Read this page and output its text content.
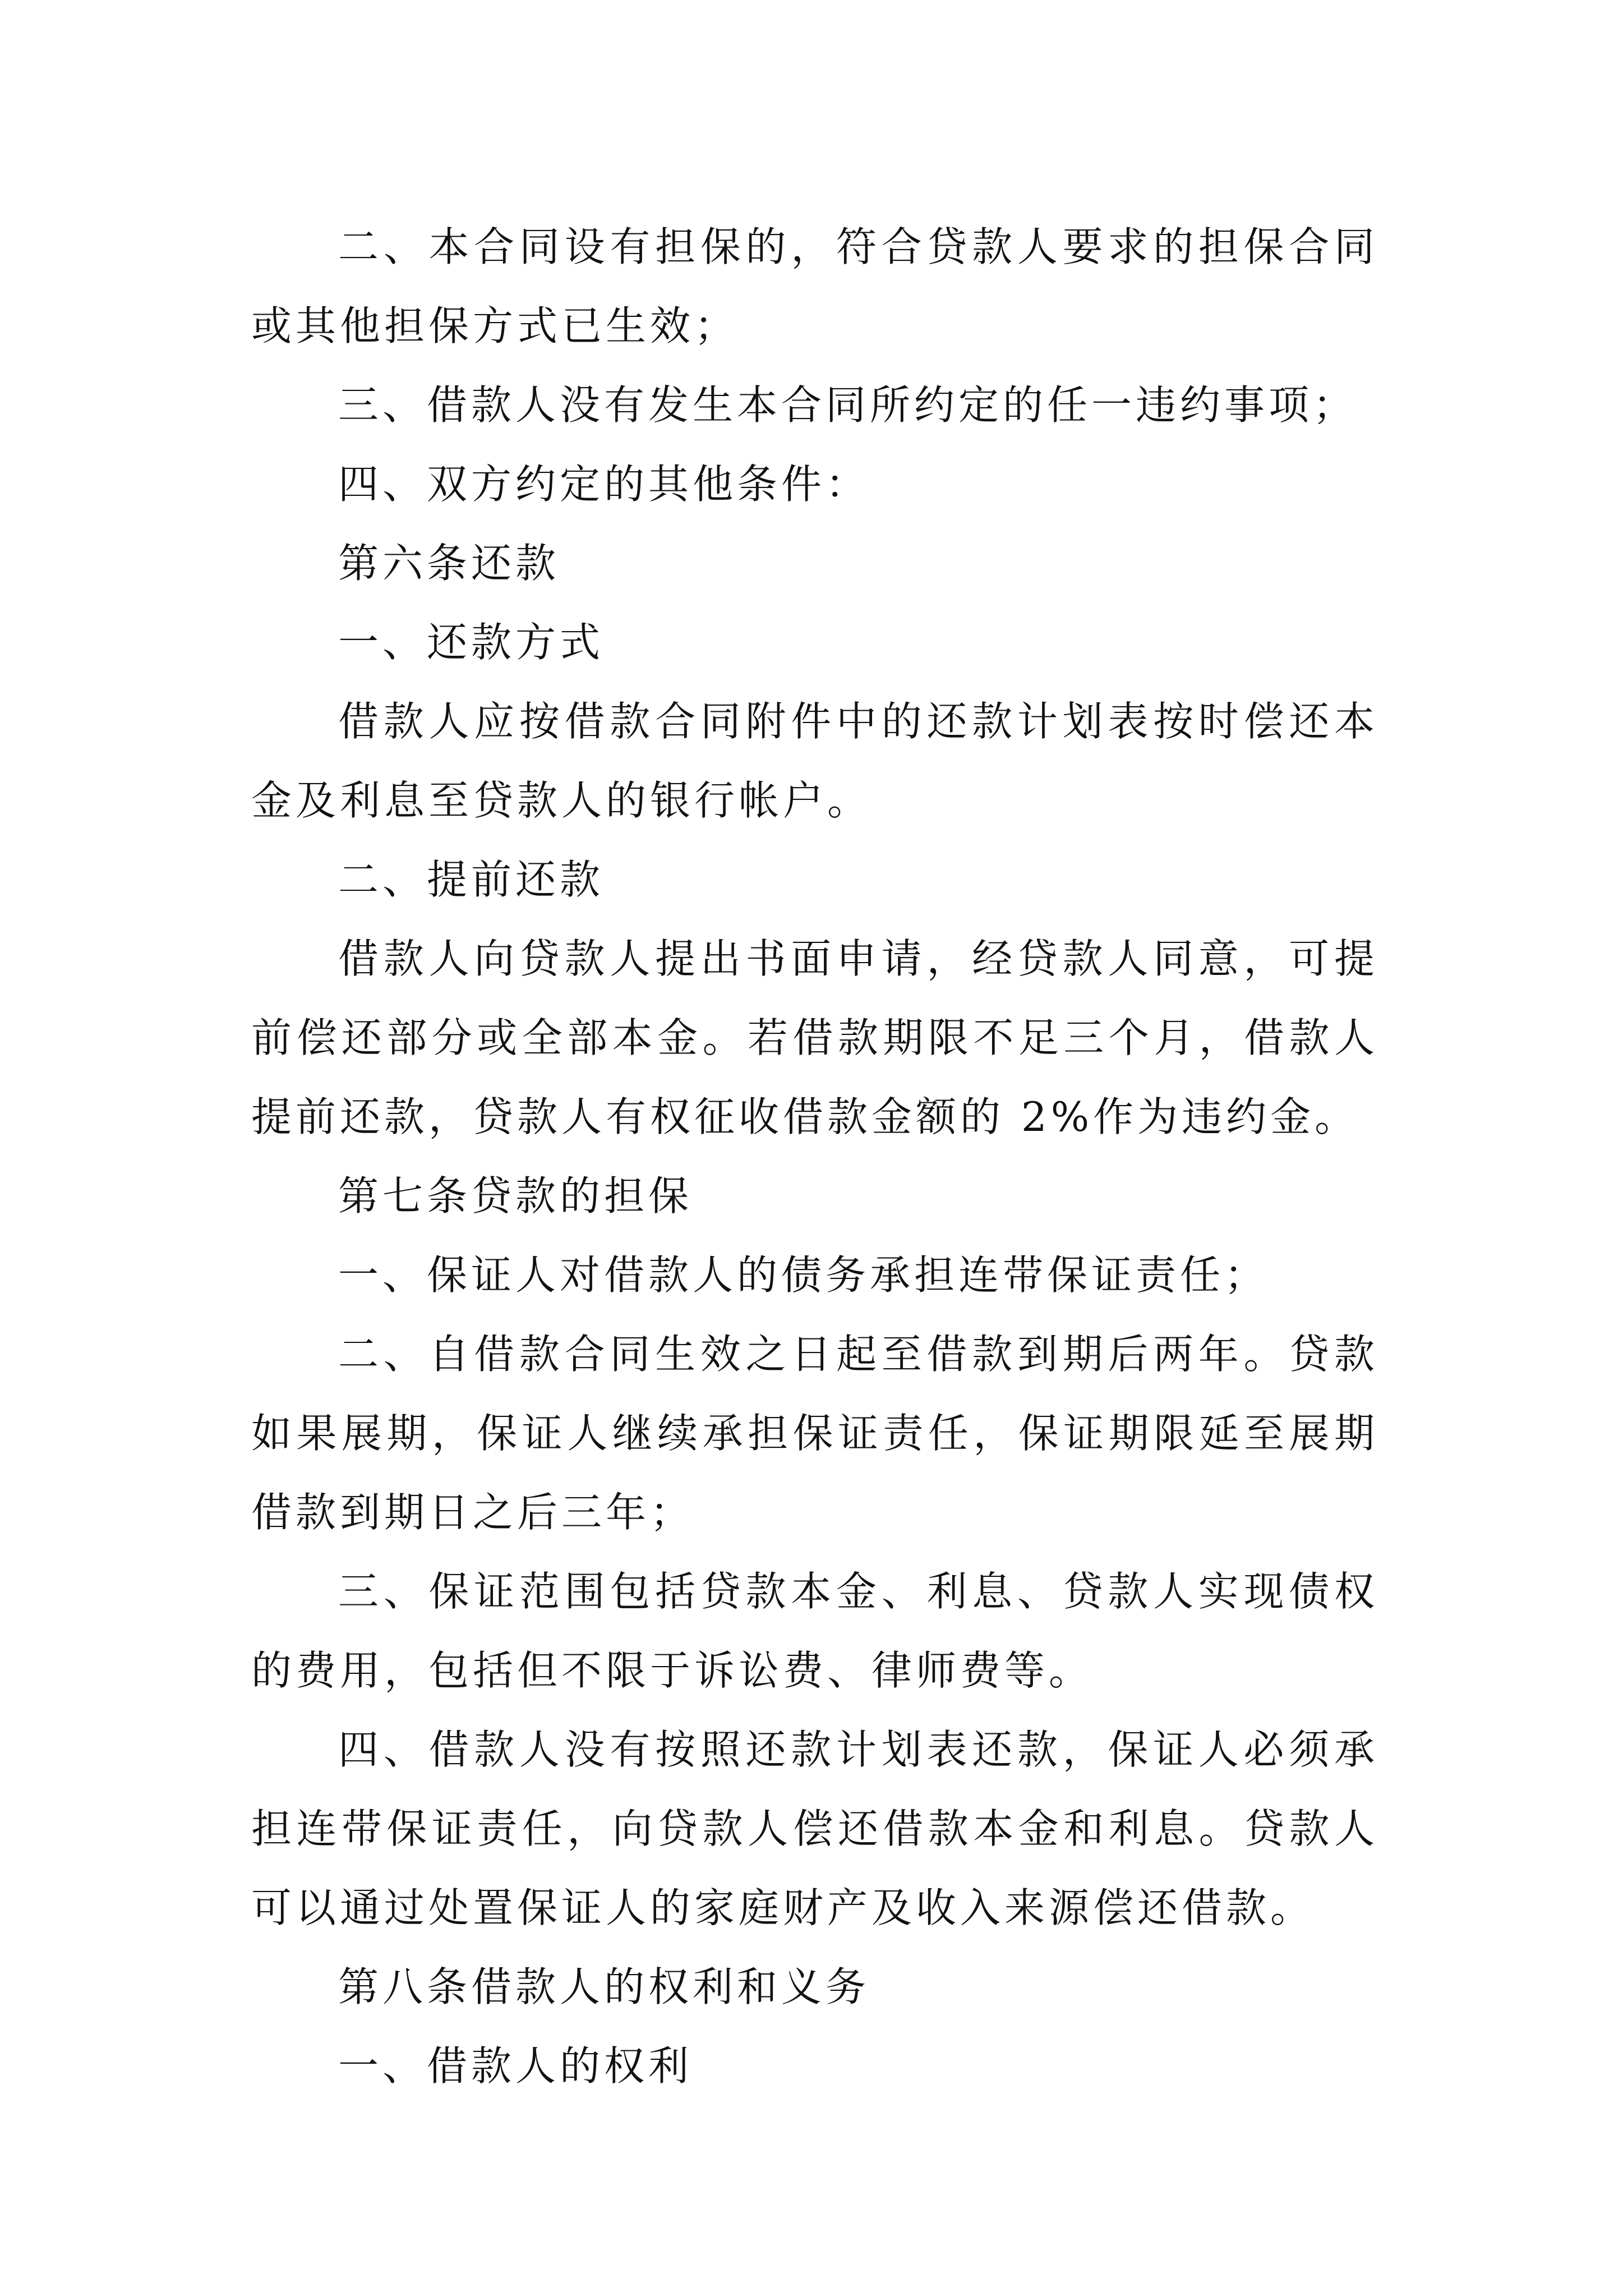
二、本合同设有担保的，符合贷款人要求的担保合同或其他担保方式已生效；

三、借款人没有发生本合同所约定的任一违约事项；

四、双方约定的其他条件：

第六条还款

一、还款方式

借款人应按借款合同附件中的还款计划表按时偿还本金及利息至贷款人的银行帐户。

二、提前还款

借款人向贷款人提出书面申请，经贷款人同意，可提前偿还部分或全部本金。若借款期限不足三个月，借款人提前还款，贷款人有权征收借款金额的 2%作为违约金。

第七条贷款的担保

一、保证人对借款人的债务承担连带保证责任；

二、自借款合同生效之日起至借款到期后两年。贷款如果展期，保证人继续承担保证责任，保证期限延至展期借款到期日之后三年；

三、保证范围包括贷款本金、利息、贷款人实现债权的费用，包括但不限于诉讼费、律师费等。

四、借款人没有按照还款计划表还款，保证人必须承担连带保证责任，向贷款人偿还借款本金和利息。贷款人可以通过处置保证人的家庭财产及收入来源偿还借款。

第八条借款人的权利和义务

一、借款人的权利
